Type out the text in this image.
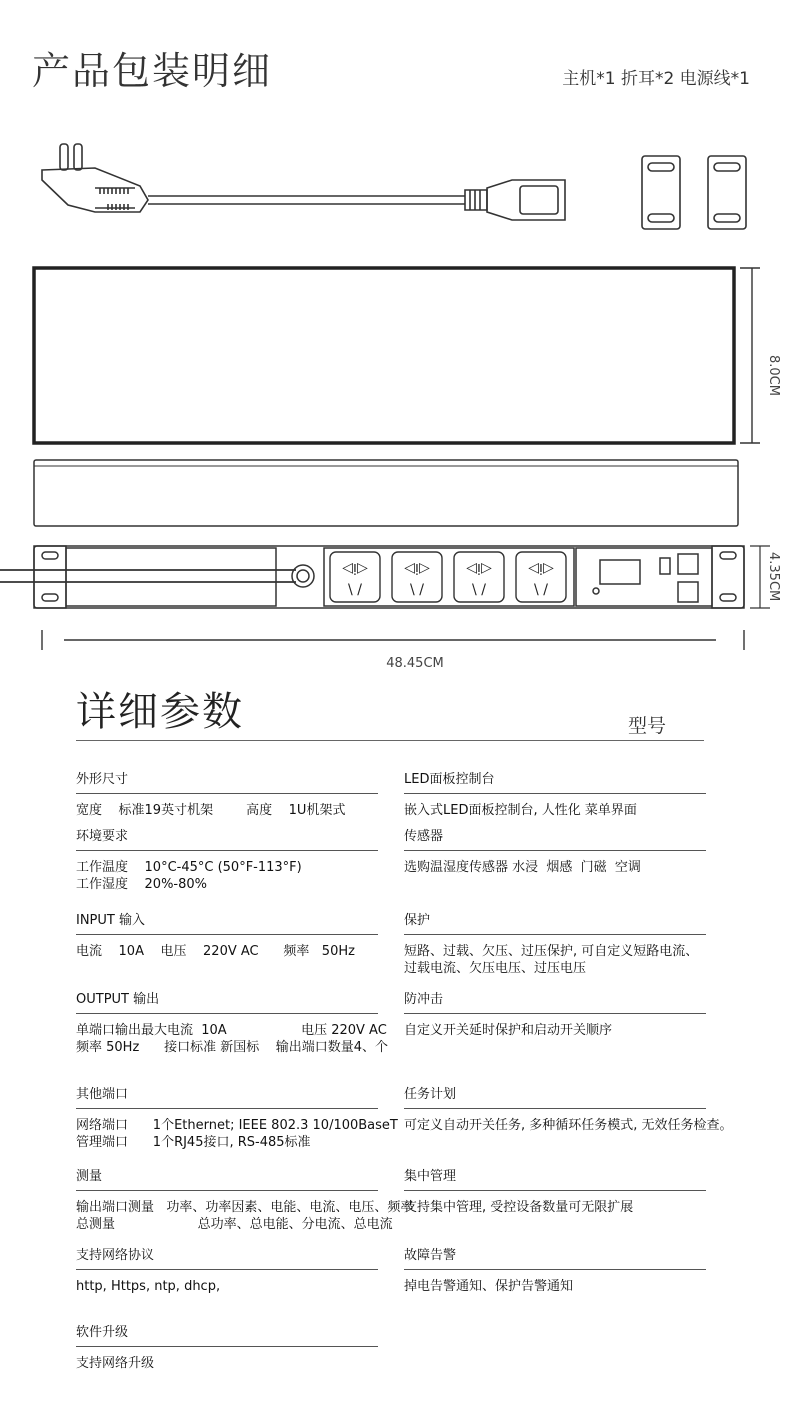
产品包装明细	主机*1 折耳*2 电源线*1
◁ᴉ▷
\ /
◁ᴉ▷
\ /
◁ᴉ▷
\ /
◁ᴉ▷
\ /
8.0CM
4.35CM
48.45CM
详细参数	型号
外形尺寸
宽度    标准19英寸机架        高度    1U机架式
环境要求
工作温度    10°C-45°C (50°F-113°F)
工作湿度    20%-80%
INPUT 输入
电流    10A    电压    220V AC      频率   50Hz
OUTPUT 输出
单端口输出最大电流  10A                  电压 220V AC
频率 50Hz      接口标准 新国标    输出端口数量4、个
其他端口
网络端口      1个Ethernet; IEEE 802.3 10/100BaseT
管理端口      1个RJ45接口, RS-485标准
测量
输出端口测量   功率、功率因素、电能、电流、电压、频率
总测量                    总功率、总电能、分电流、总电流
支持网络协议
http, Https, ntp, dhcp,
软件升级
支持网络升级
LED面板控制台
嵌入式LED面板控制台, 人性化 菜单界面
传感器
选购温湿度传感器 水浸  烟感  门磁  空调
保护
短路、过载、欠压、过压保护, 可自定义短路电流、
过载电流、欠压电压、过压电压
防冲击
自定义开关延时保护和启动开关顺序
任务计划
可定义自动开关任务, 多种循环任务模式, 无效任务检查。
集中管理
支持集中管理, 受控设备数量可无限扩展
故障告警
掉电告警通知、保护告警通知
